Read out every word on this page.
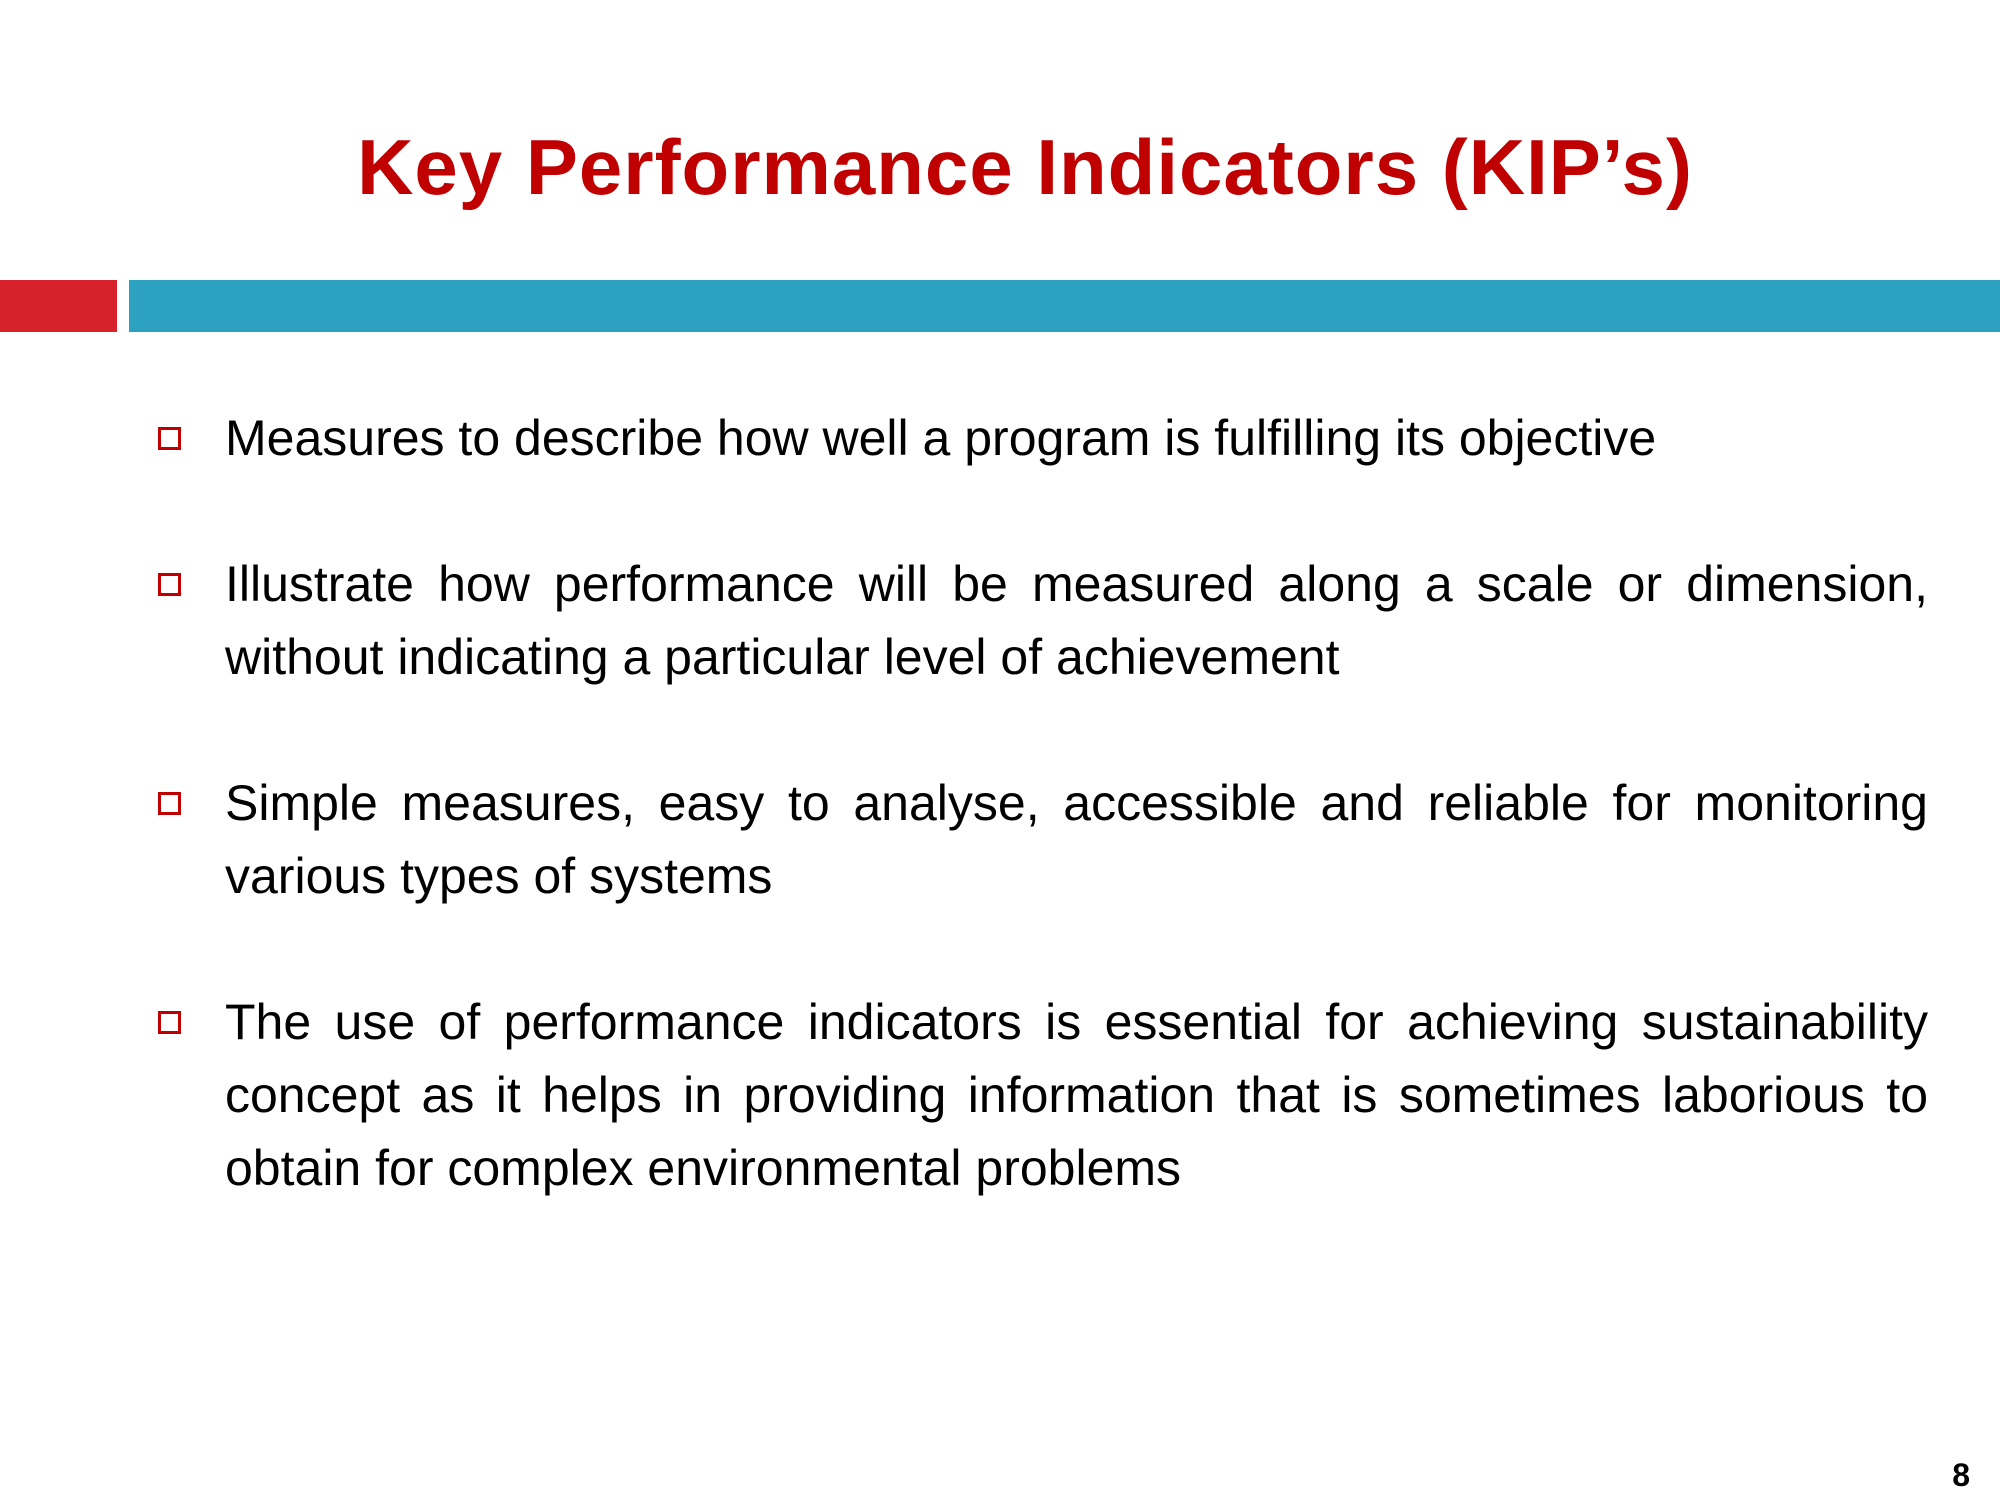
Key Performance Indicators (KIP’s)
Measures to describe how well a program is fulfilling its objective
Illustrate how performance will be measured along a scale or dimension, without indicating a particular level of achievement
Simple measures, easy to analyse, accessible and reliable for monitoring various types of systems
The use of performance indicators is essential for achieving sustainability concept as it helps in providing information that is sometimes laborious to obtain for complex environmental problems
8
